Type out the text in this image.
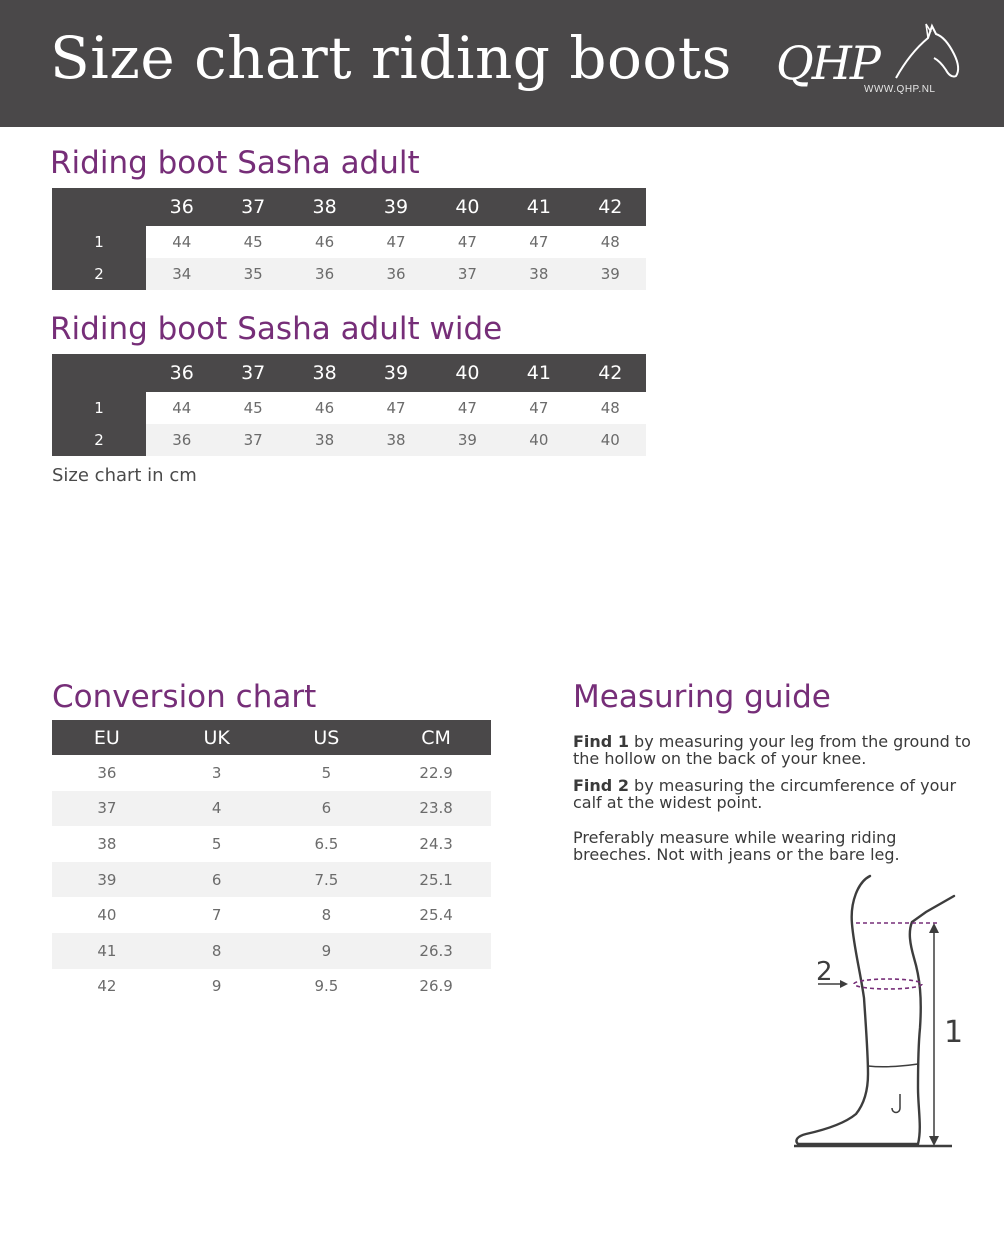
Size chart riding boots QHP
WWW.QHP.NL
Riding boot Sasha adult
	36	37	38	39	40	41	42
1	44	45	46	47	47	47	48
2	34	35	36	36	37	38	39
Riding boot Sasha adult wide
	36	37	38	39	40	41	42
1	44	45	46	47	47	47	48
2	36	37	38	38	39	40	40
Size chart in cm
Conversion chart
EU	UK	US	CM
36	3	5	22.9
37	4	6	23.8
38	5	6.5	24.3
39	6	7.5	25.1
40	7	8	25.4
41	8	9	26.3
42	9	9.5	26.9
Measuring guide
Find 1 by measuring your leg from the ground to the hollow on the back of your knee.
Find 2 by measuring the circumference of your calf at the widest point.
Preferably measure while wearing riding breeches. Not with jeans or the bare leg.
2
1
